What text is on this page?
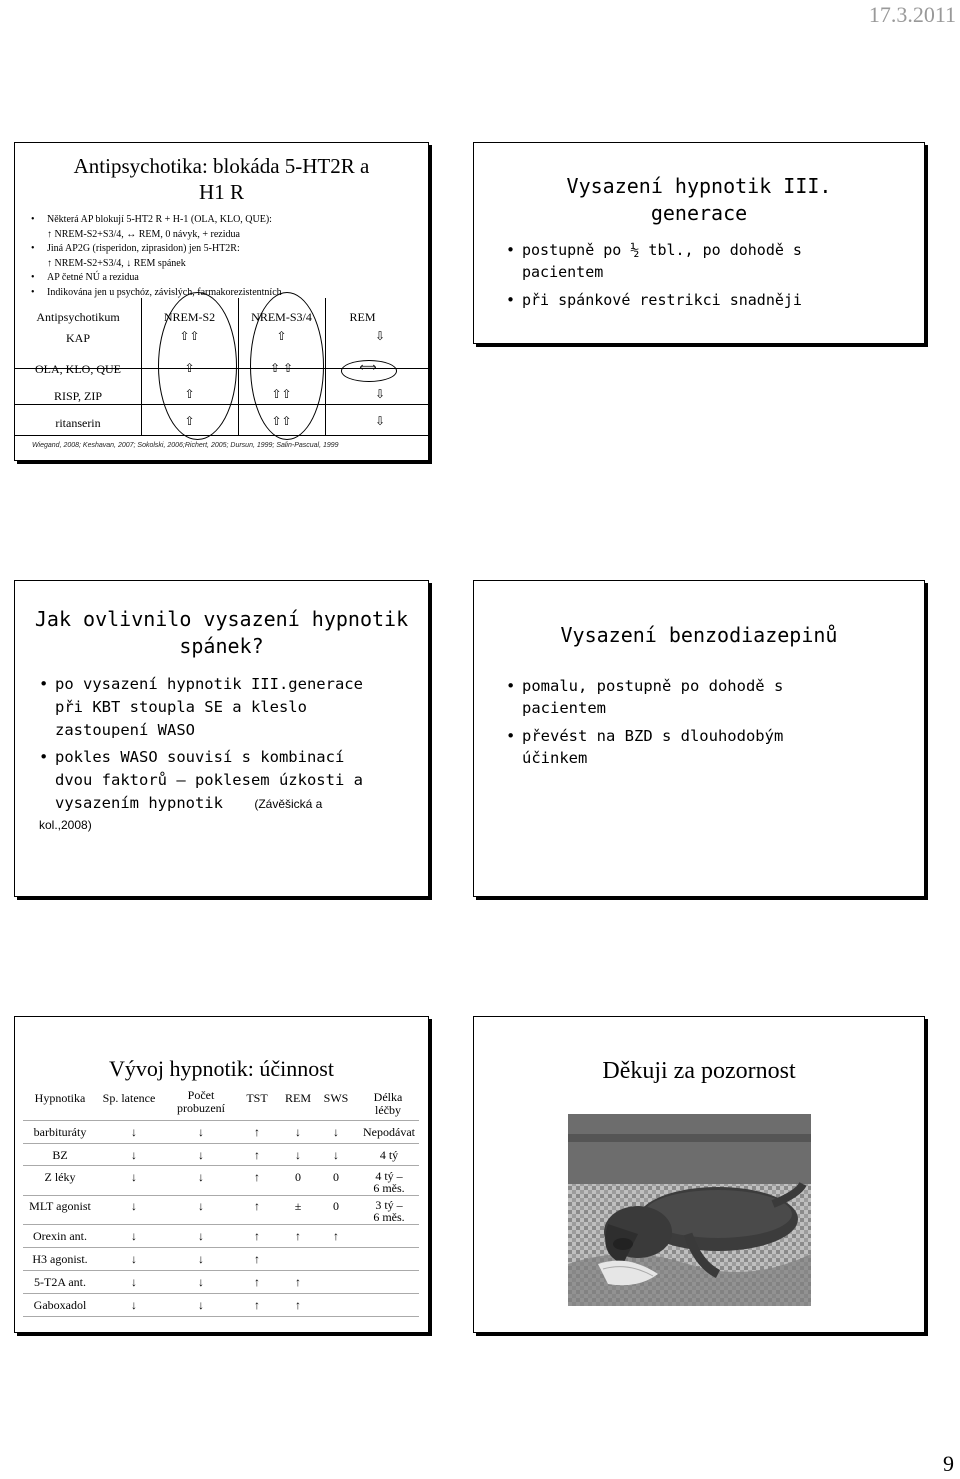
17.3.2011
Antipsychotika: blokáda 5-HT2R a
H1 R
• Některá AP blokují 5-HT2 R + H-1 (OLA, KLO, QUE):
↑ NREM-S2+S3/4, ↔ REM, 0 návyk, + rezidua
• Jiná AP2G (risperidon, ziprasidon) jen 5-HT2R:
↑ NREM-S2+S3/4, ↓ REM spánek
• AP četné NÚ a rezidua
• Indikována jen u psychóz, závislých, farmakorezistentních
Antipsychotikum	NREM-S2	NREM-S3/4	REM
KAP	⇧⇧	⇧	⇩
OLA, KLO, QUE	⇧	⇧ ⇧	⟺
RISP, ZIP	⇧	⇧⇧	⇩
ritanserin	⇧	⇧⇧	⇩
Wiegand, 2008; Keshavan, 2007; Sokolski, 2006;Richert, 2005; Dursun, 1999; Salin-Pascual, 1999
Vysazení hypnotik III.
generace
• postupně po ½ tbl., po dohodě s
pacientem
• při spánkové restrikci snadněji
Jak ovlivnilo vysazení hypnotik
spánek?
• po vysazení hypnotik III.generace
při KBT stoupla SE a kleslo
zastoupení WASO
• pokles WASO souvisí s kombinací
dvou faktorů – poklesem úzkosti a
vysazením hypnotik	(Závěšická a
kol.,2008)
Vysazení benzodiazepinů
• pomalu, postupně po dohodě s
pacientem
• převést na BZD s dlouhodobým
účinkem
Vývoj hypnotik: účinnost
Hypnotika	Sp. latence	Počet
probuzení
TST	REM	SWS	Délka
léčby
barbituráty	↓	↓	↑	↓	↓	Nepodávat
BZ	↓	↓	↑	↓	↓	4 tý
Z léky	↓	↓	↑	0	0	4 tý –
6 měs.
MLT agonist	↓	↓	↑	±	0	3 tý –
6 měs.
Orexin ant.	↓	↓	↑	↑	↑
H3 agonist.	↓	↓	↑
5-T2A ant.	↓	↓	↑	↑
Gaboxadol	↓	↓	↑	↑
Děkuji za pozornost
9
